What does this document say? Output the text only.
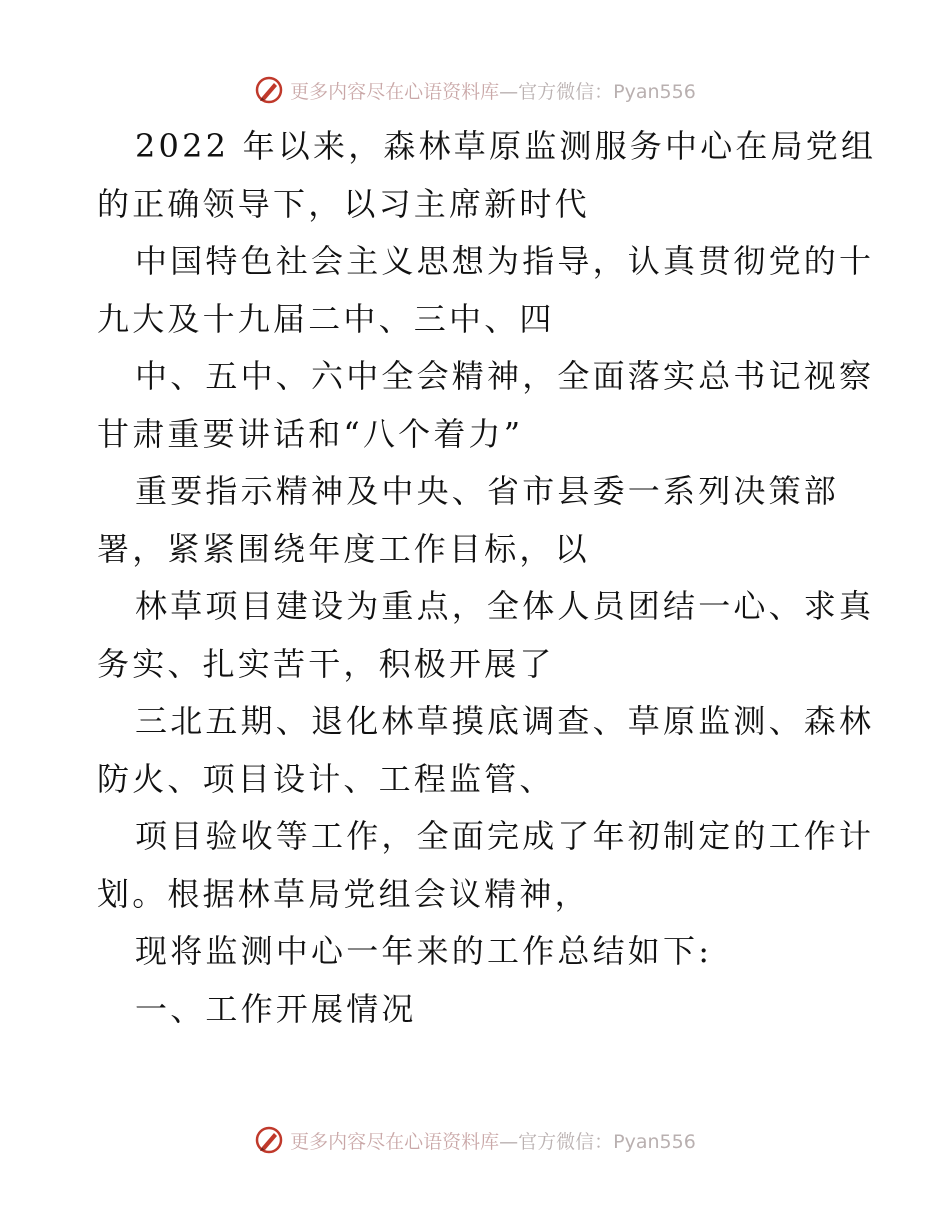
更多内容尽在心语资料库—官方微信：Pyan556
2022 年以来，森林草原监测服务中心在局党组
的正确领导下，以习主席新时代
中国特色社会主义思想为指导，认真贯彻党的十
九大及十九届二中、三中、四
中、五中、六中全会精神，全面落实总书记视察
甘肃重要讲话和“八个着力”
重要指示精神及中央、省市县委一系列决策部
署，紧紧围绕年度工作目标，以
林草项目建设为重点，全体人员团结一心、求真
务实、扎实苦干，积极开展了
三北五期、退化林草摸底调查、草原监测、森林
防火、项目设计、工程监管、
项目验收等工作，全面完成了年初制定的工作计
划。根据林草局党组会议精神，
现将监测中心一年来的工作总结如下:
一、工作开展情况
更多内容尽在心语资料库—官方微信：Pyan556
